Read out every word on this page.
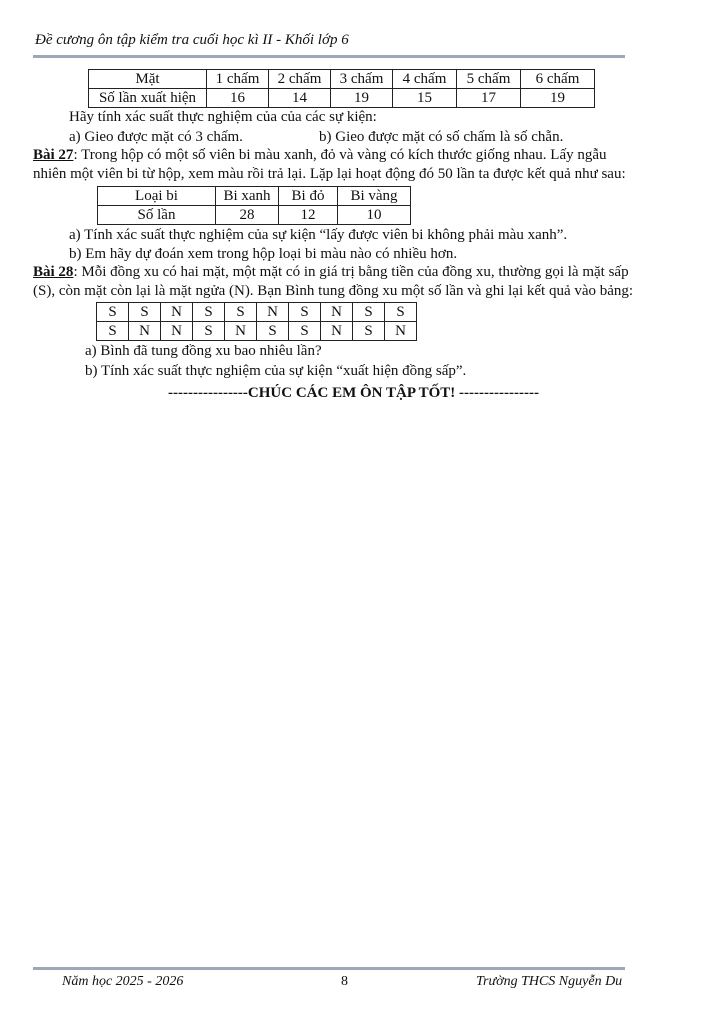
Đề cương ôn tập kiểm tra cuối học kì II - Khối lớp 6
Mặt	1 chấm	2 chấm	3 chấm	4 chấm	5 chấm	6 chấm
Số lần xuất hiện	16	14	19	15	17	19
Hãy tính xác suất thực nghiệm của của các sự kiện:
a) Gieo được mặt có 3 chấm.	b) Gieo được mặt có số chấm là số chẵn.
Bài 27: Trong hộp có một số viên bi màu xanh, đỏ và vàng có kích thước giống nhau. Lấy ngẫu
nhiên một viên bi từ hộp, xem màu rồi trả lại. Lặp lại hoạt động đó 50 lần ta được kết quả như sau:
Loại bi	Bi xanh	Bi đỏ	Bi vàng
Số lần	28	12	10
a) Tính xác suất thực nghiệm của sự kiện “lấy được viên bi không phải màu xanh”.
b) Em hãy dự đoán xem trong hộp loại bi màu nào có nhiều hơn.
Bài 28: Mỗi đồng xu có hai mặt, một mặt có in giá trị bằng tiền của đồng xu, thường gọi là mặt sấp
(S), còn mặt còn lại là mặt ngửa (N). Bạn Bình tung đồng xu một số lần và ghi lại kết quả vào bảng:
S	S	N	S	S	N	S	N	S	S
S	N	N	S	N	S	S	N	S	N
a) Bình đã tung đồng xu bao nhiêu lần?
b) Tính xác suất thực nghiệm của sự kiện “xuất hiện đồng sấp”.
----------------CHÚC CÁC EM ÔN TẬP TỐT! ----------------
Năm học 2025 - 2026	8	Trường THCS Nguyễn Du
